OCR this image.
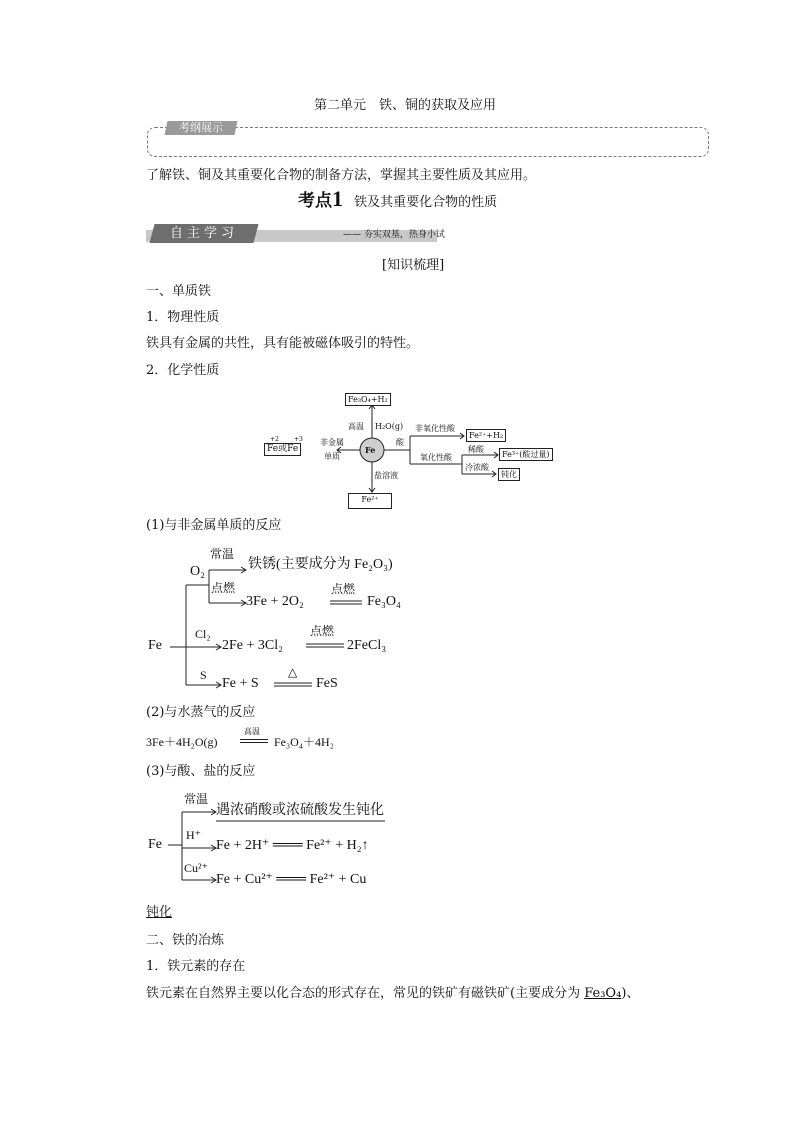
第二单元　铁、铜的获取及应用
考纲展示
了解铁、铜及其重要化合物的制备方法，掌握其主要性质及其应用。
考点1 铁及其重要化合物的性质
自主学习	—— 夯实双基，热身小试
[知识梳理]
一、单质铁
1．物理性质
铁具有金属的共性，具有能被磁体吸引的特性。
2．化学性质
Fe
Fe₃O₄+H₂
高温 H₂O(g)
Fe或Fe
+2	+3 非金属
单质
酸
非氧化性酸
Fe²⁺+H₂
氧化性酸
稀酸
Fe³⁺(酸过量)
冷浓酸
钝化
盐溶液
Fe²⁺
(1)与非金属单质的反应
O₂
常温
铁锈(主要成分为 Fe₂O₃)
点燃
3Fe + 2O₂
点燃
Fe₃O₄
Fe
Cl₂
2Fe + 3Cl₂
点燃
2FeCl₃
S
Fe + S
△
FeS
(2)与水蒸气的反应
3Fe＋4H₂O(g)
高温
Fe₃O₄＋4H₂
(3)与酸、盐的反应
常温
遇浓硝酸或浓硫酸发生钝化
Fe
H⁺
Fe + 2H⁺ ═══ Fe²⁺ + H₂↑
Cu²⁺
Fe + Cu²⁺ ═══ Fe²⁺ + Cu
钝化
二、铁的冶炼
1．铁元素的存在
铁元素在自然界主要以化合态的形式存在，常见的铁矿有磁铁矿(主要成分为 Fe₃O₄)、
